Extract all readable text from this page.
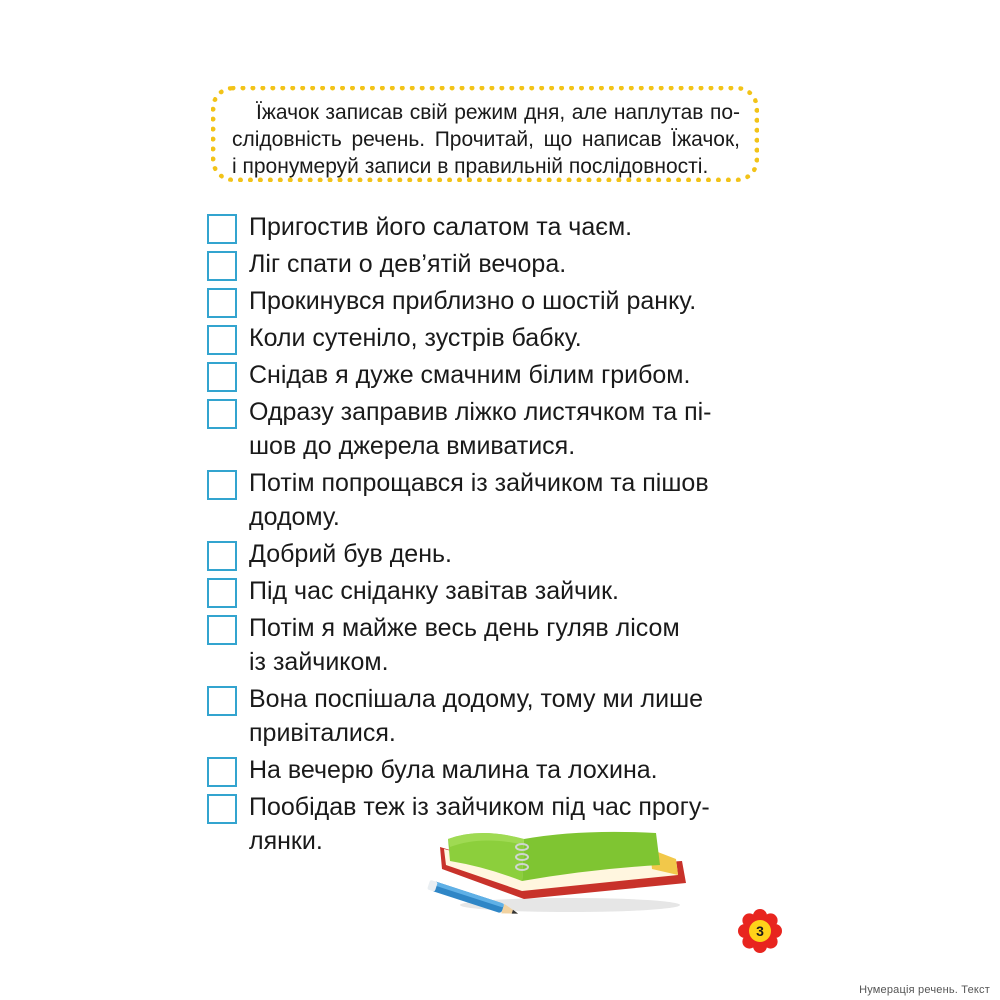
Їжачок записав свій режим дня, але наплутав по-
слідовність речень. Прочитай, що написав Їжачок,
і пронумеруй записи в правильній послідовності.

Пригостив його салатом та чаєм.
Ліг спати о дев’ятій вечора.
Прокинувся приблизно о шостій ранку.
Коли сутеніло, зустрів бабку.
Снідав я дуже смачним білим грибом.
Одразу заправив ліжко листячком та пі-
шов до джерела вмиватися.
Потім попрощався із зайчиком та пішов
додому.
Добрий був день.
Під час сніданку завітав зайчик.
Потім я майже весь день гуляв лісом
із зайчиком.
Вона поспішала додому, тому ми лише
привіталися.
На вечерю була малина та лохина.
Пообідав теж із зайчиком під час прогу-
лянки.
3
Нумерація речень. Текст
